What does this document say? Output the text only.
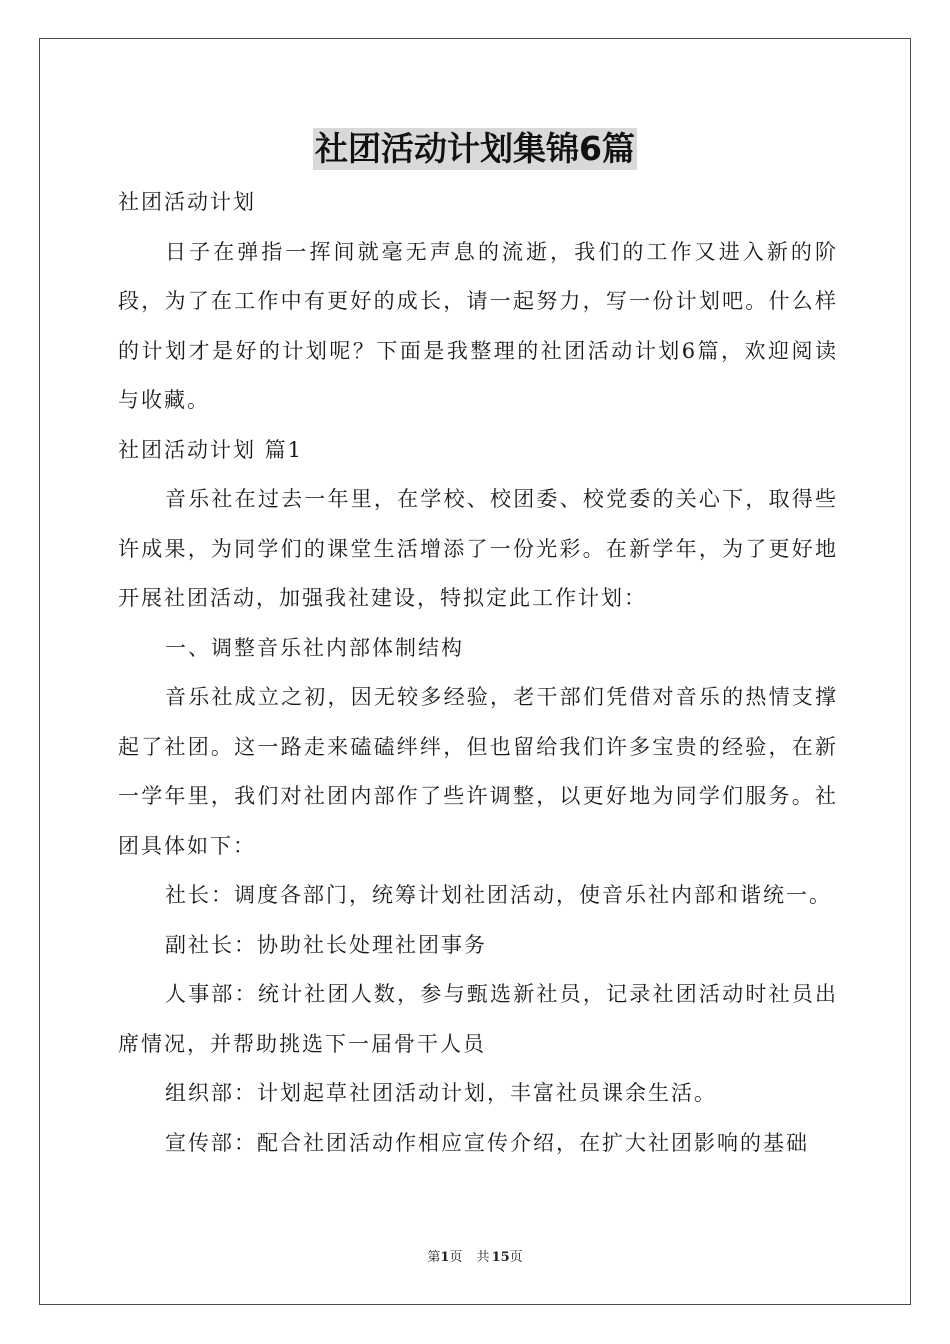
社团活动计划集锦6篇

社团活动计划

日子在弹指一挥间就毫无声息的流逝，我们的工作又进入新的阶段，为了在工作中有更好的成长，请一起努力，写一份计划吧。什么样的计划才是好的计划呢？下面是我整理的社团活动计划6篇，欢迎阅读与收藏。

社团活动计划 篇1

音乐社在过去一年里，在学校、校团委、校党委的关心下，取得些许成果，为同学们的课堂生活增添了一份光彩。在新学年，为了更好地开展社团活动，加强我社建设，特拟定此工作计划：

一、调整音乐社内部体制结构

音乐社成立之初，因无较多经验，老干部们凭借对音乐的热情支撑起了社团。这一路走来磕磕绊绊，但也留给我们许多宝贵的经验，在新一学年里，我们对社团内部作了些许调整，以更好地为同学们服务。社团具体如下：

社长：调度各部门，统筹计划社团活动，使音乐社内部和谐统一。

副社长：协助社长处理社团事务

人事部：统计社团人数，参与甄选新社员，记录社团活动时社员出席情况，并帮助挑选下一届骨干人员

组织部：计划起草社团活动计划，丰富社员课余生活。

宣传部：配合社团活动作相应宣传介绍，在扩大社团影响的基础

第1页 共 15页
